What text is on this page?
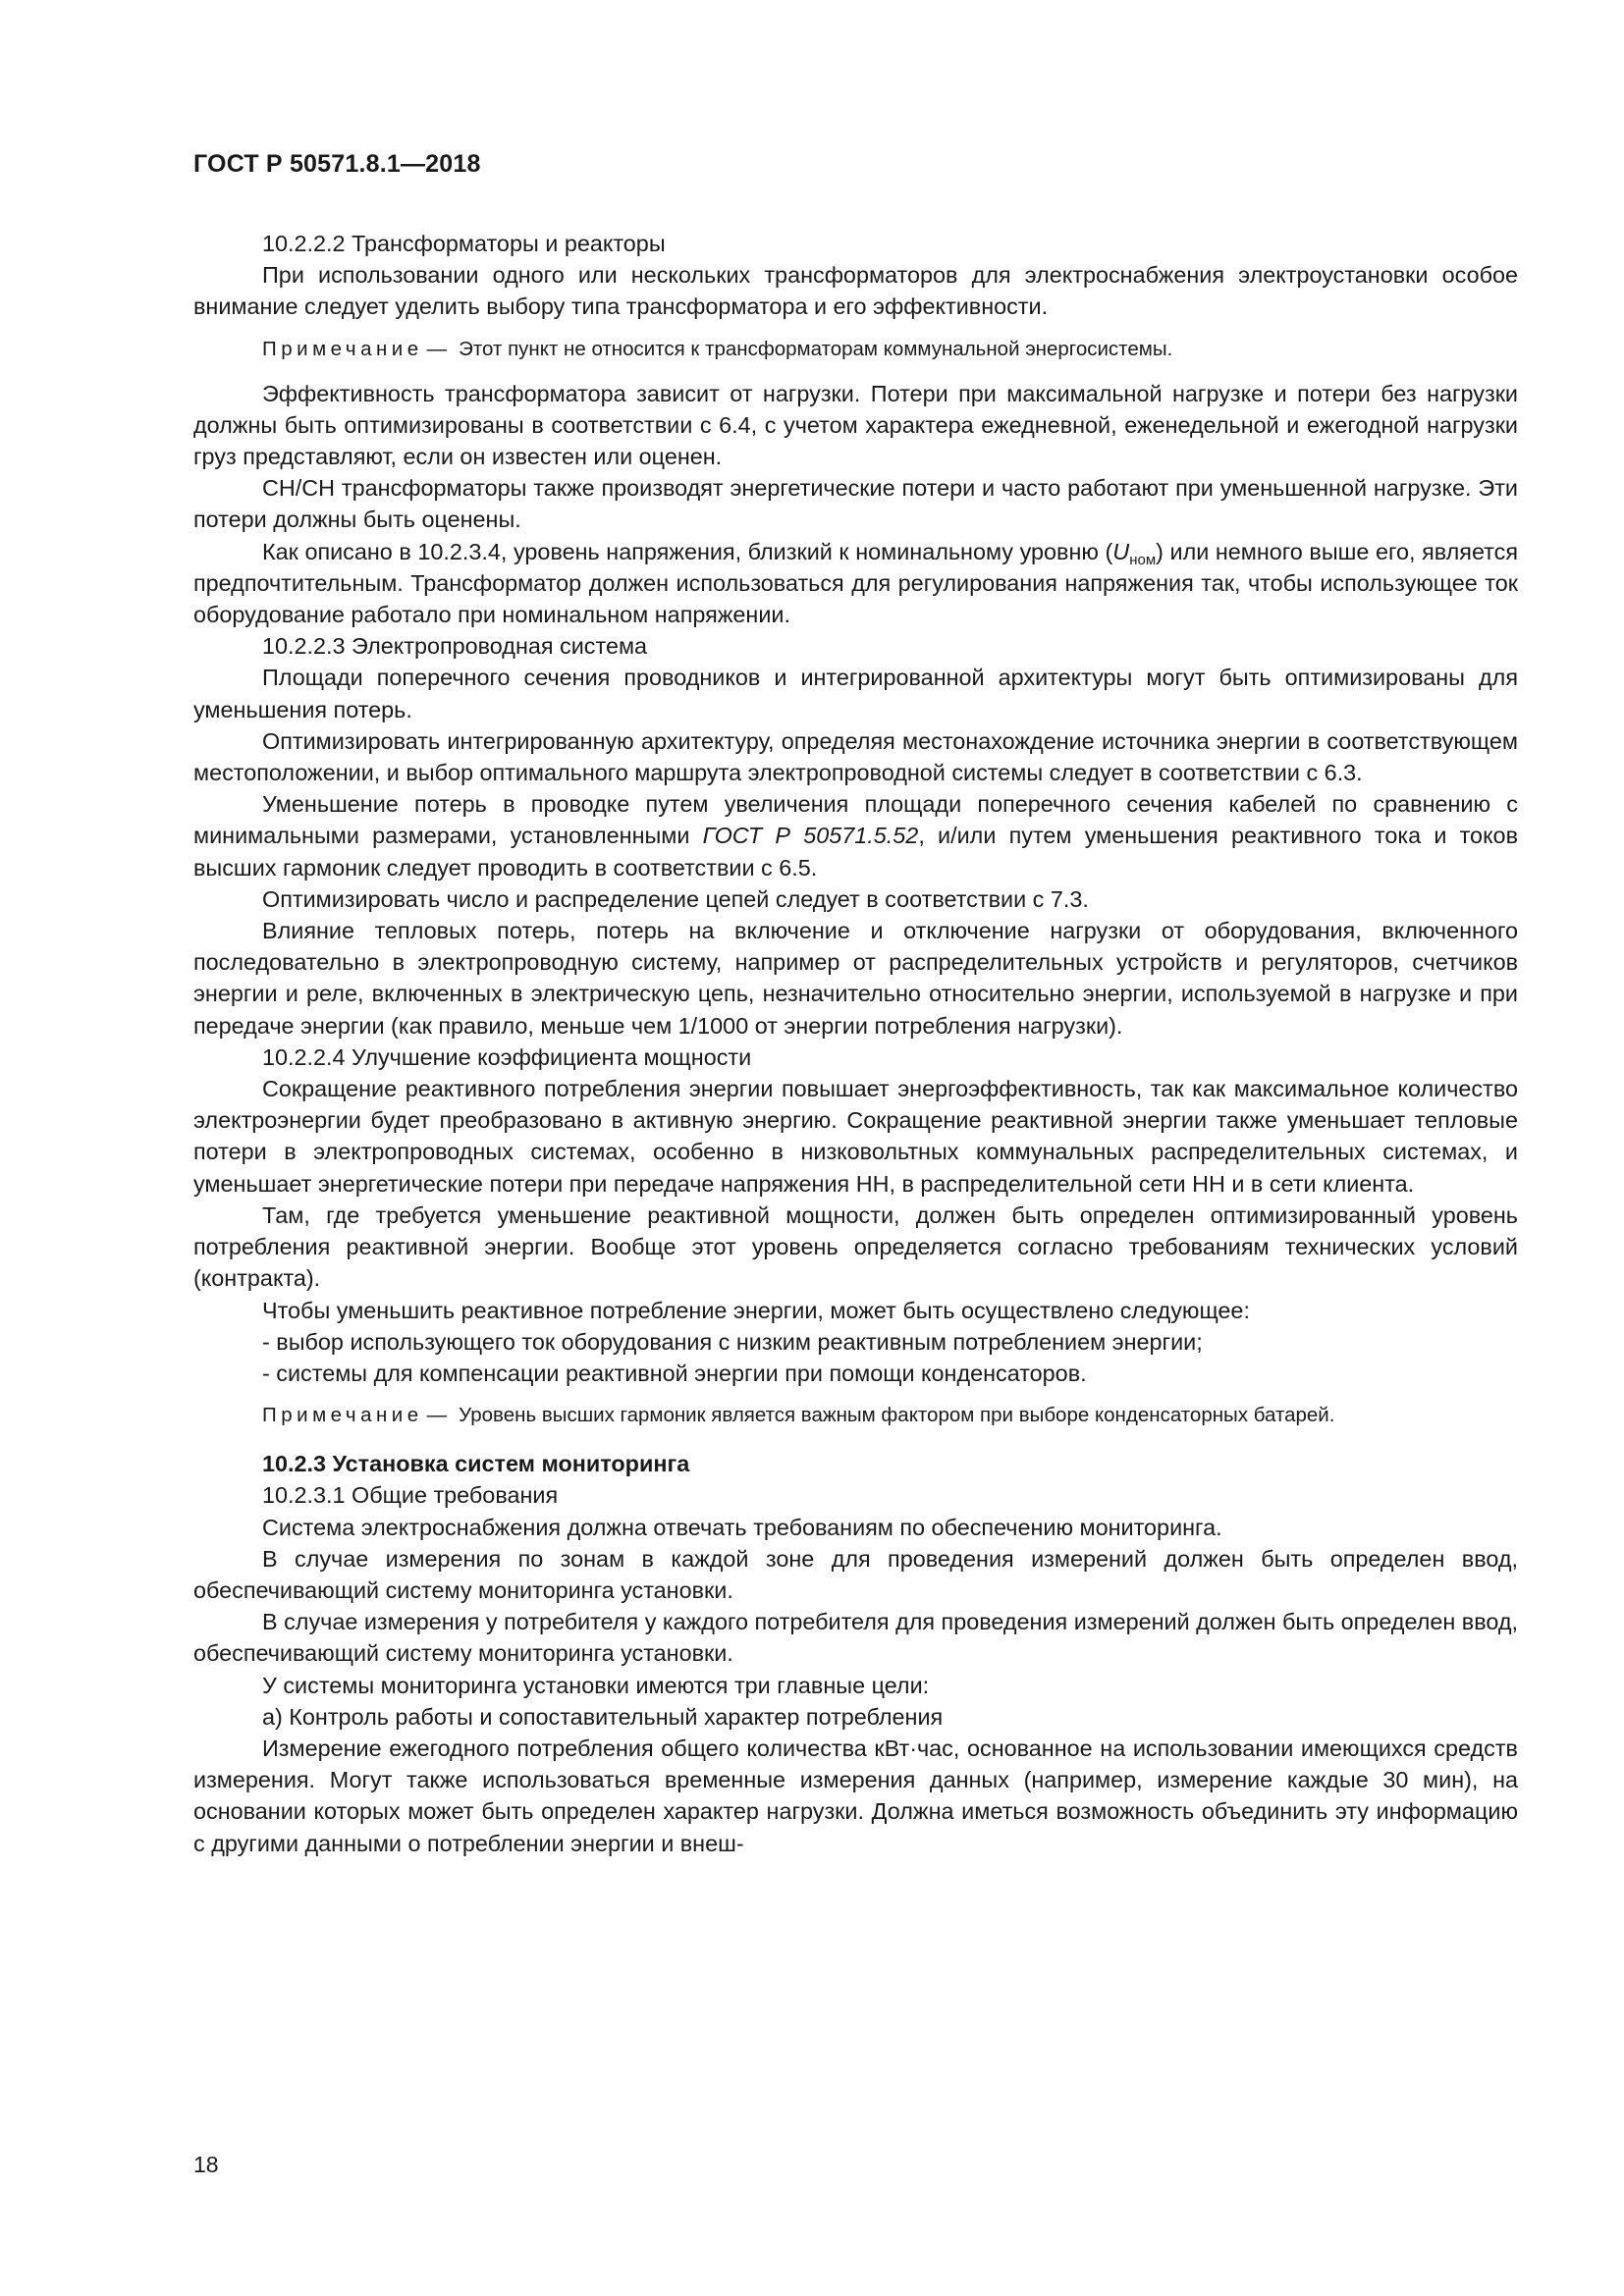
ГОСТ Р 50571.8.1—2018
10.2.2.2 Трансформаторы и реакторы

При использовании одного или нескольких трансформаторов для электроснабжения электроустановки особое внимание следует уделить выбору типа трансформатора и его эффективности.

Примечание — Этот пункт не относится к трансформаторам коммунальной энергосистемы.

Эффективность трансформатора зависит от нагрузки. Потери при максимальной нагрузке и потери без нагрузки должны быть оптимизированы в соответствии с 6.4, с учетом характера ежедневной, еженедельной и ежегодной нагрузки груз представляют, если он известен или оценен.

СН/СН трансформаторы также производят энергетические потери и часто работают при уменьшенной нагрузке. Эти потери должны быть оценены.

Как описано в 10.2.3.4, уровень напряжения, близкий к номинальному уровню $(U_{ном})$ или немного выше его, является предпочтительным. Трансформатор должен использоваться для регулирования напряжения так, чтобы использующее ток оборудование работало при номинальном напряжении.

10.2.2.3 Электропроводная система

Площади поперечного сечения проводников и интегрированной архитектуры могут быть оптимизированы для уменьшения потерь.

Оптимизировать интегрированную архитектуру, определяя местонахождение источника энергии в соответствующем местоположении, и выбор оптимального маршрута электропроводной системы следует в соответствии с 6.3.

Уменьшение потерь в проводке путем увеличения площади поперечного сечения кабелей по сравнению с минимальными размерами, установленными ГОСТ Р 50571.5.52, и/или путем уменьшения реактивного тока и токов высших гармоник следует проводить в соответствии с 6.5.

Оптимизировать число и распределение цепей следует в соответствии с 7.3.

Влияние тепловых потерь, потерь на включение и отключение нагрузки от оборудования, включенного последовательно в электропроводную систему, например от распределительных устройств и регуляторов, счетчиков энергии и реле, включенных в электрическую цепь, незначительно относительно энергии, используемой в нагрузке и при передаче энергии (как правило, меньше чем 1/1000 от энергии потребления нагрузки).

10.2.2.4 Улучшение коэффициента мощности

Сокращение реактивного потребления энергии повышает энергоэффективность, так как максимальное количество электроэнергии будет преобразовано в активную энергию. Сокращение реактивной энергии также уменьшает тепловые потери в электропроводных системах, особенно в низковольтных коммунальных распределительных системах, и уменьшает энергетические потери при передаче напряжения НН, в распределительной сети НН и в сети клиента.

Там, где требуется уменьшение реактивной мощности, должен быть определен оптимизированный уровень потребления реактивной энергии. Вообще этот уровень определяется согласно требованиям технических условий (контракта).

Чтобы уменьшить реактивное потребление энергии, может быть осуществлено следующее:

- выбор использующего ток оборудования с низким реактивным потреблением энергии;

- системы для компенсации реактивной энергии при помощи конденсаторов.

Примечание — Уровень высших гармоник является важным фактором при выборе конденсаторных батарей.

10.2.3 Установка систем мониторинга
10.2.3.1 Общие требования

Система электроснабжения должна отвечать требованиям по обеспечению мониторинга.

В случае измерения по зонам в каждой зоне для проведения измерений должен быть определен ввод, обеспечивающий систему мониторинга установки.

В случае измерения у потребителя у каждого потребителя для проведения измерений должен быть определен ввод, обеспечивающий систему мониторинга установки.

У системы мониторинга установки имеются три главные цели:

а) Контроль работы и сопоставительный характер потребления

Измерение ежегодного потребления общего количества кВт·час, основанное на использовании имеющихся средств измерения. Могут также использоваться временные измерения данных (например, измерение каждые 30 мин), на основании которых может быть определен характер нагрузки. Должна иметься возможность объединить эту информацию с другими данными о потреблении энергии и внеш-

18
